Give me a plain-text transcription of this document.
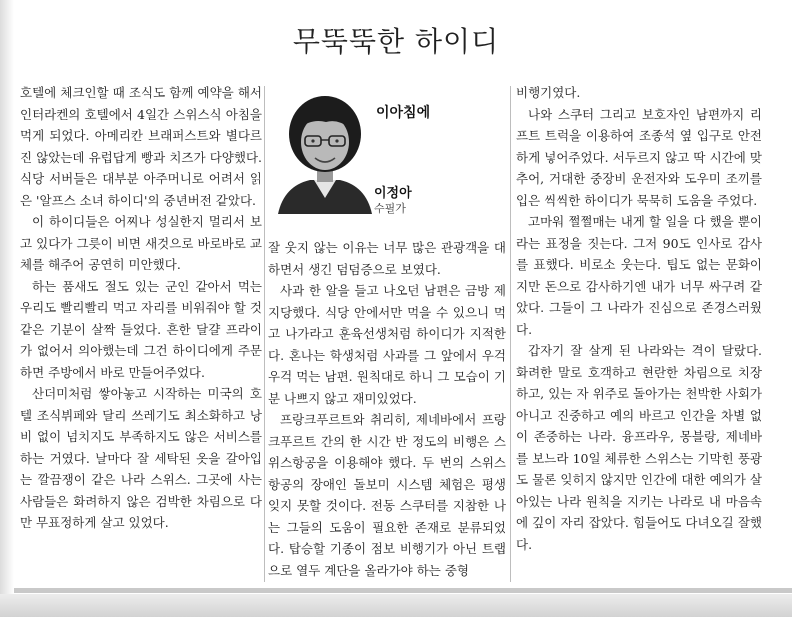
무뚝뚝한 하이디

호텔에 체크인할 때 조식도 함께 예약을 해서 인터라켄의 호텔에서 4일간 스위스식 아침을 먹게 되었다. 아메리칸 브래퍼스트와 별다르진 않았는데 유럽답게 빵과 치즈가 다양했다. 식당 서버들은 대부분 아주머니로 어려서 읽은 '알프스 소녀 하이디'의 중년버전 같았다.

이 하이디들은 어찌나 성실한지 멀리서 보고 있다가 그릇이 비면 새것으로 바로바로 교체를 해주어 공연히 미안했다.

하는 품새도 절도 있는 군인 같아서 먹는 우리도 빨리빨리 먹고 자리를 비워줘야 할 것 같은 기분이 살짝 들었다. 흔한 달걀 프라이가 없어서 의아했는데 그건 하이디에게 주문하면 주방에서 바로 만들어주었다.

산더미처럼 쌓아놓고 시작하는 미국의 호텔 조식뷔페와 달리 쓰레기도 최소화하고 낭비 없이 넘치지도 부족하지도 않은 서비스를 하는 거였다. 날마다 잘 세탁된 옷을 갈아입는 깔끔쟁이 같은 나라 스위스. 그곳에 사는 사람들은 화려하지 않은 검박한 차림으로 다만 무표정하게 살고 있었다.

이아침에
이정아
수필가

잘 웃지 않는 이유는 너무 많은 관광객을 대하면서 생긴 덤덤증으로 보였다.

사과 한 알을 들고 나오던 남편은 금방 제지당했다. 식당 안에서만 먹을 수 있으니 먹고 나가라고 훈육선생처럼 하이디가 지적한다. 혼나는 학생처럼 사과를 그 앞에서 우걱우걱 먹는 남편. 원칙대로 하니 그 모습이 기분 나쁘지 않고 재미있었다.

프랑크푸르트와 취리히, 제네바에서 프랑크푸르트 간의 한 시간 반 정도의 비행은 스위스항공을 이용해야 했다. 두 번의 스위스항공의 장애인 돌보미 시스템 체험은 평생 잊지 못할 것이다. 전동 스쿠터를 지참한 나는 그들의 도움이 필요한 존재로 분류되었다. 탑승할 기종이 점보 비행기가 아닌 트랩으로 열두 계단을 올라가야 하는 중형

비행기였다.

나와 스쿠터 그리고 보호자인 남편까지 리프트 트럭을 이용하여 조종석 옆 입구로 안전하게 넣어주었다. 서두르지 않고 딱 시간에 맞추어, 거대한 중장비 운전자와 도우미 조끼를 입은 씩씩한 하이디가 묵묵히 도움을 주었다.

고마워 쩔쩔매는 내게 할 일을 다 했을 뿐이라는 표정을 짓는다. 그저 90도 인사로 감사를 표했다. 비로소 웃는다. 팁도 없는 문화이지만 돈으로 감사하기엔 내가 너무 싸구려 같았다. 그들이 그 나라가 진심으로 존경스러웠다.

갑자기 잘 살게 된 나라와는 격이 달랐다. 화려한 말로 호객하고 현란한 차림으로 치장하고, 있는 자 위주로 돌아가는 천박한 사회가 아니고 진중하고 예의 바르고 인간을 차별 없이 존중하는 나라. 융프라우, 몽블랑, 제네바를 보느라 10일 체류한 스위스는 기막힌 풍광도 물론 잊히지 않지만 인간에 대한 예의가 살아있는 나라 원칙을 지키는 나라로 내 마음속에 깊이 자리 잡았다. 힘들어도 다녀오길 잘했다.
